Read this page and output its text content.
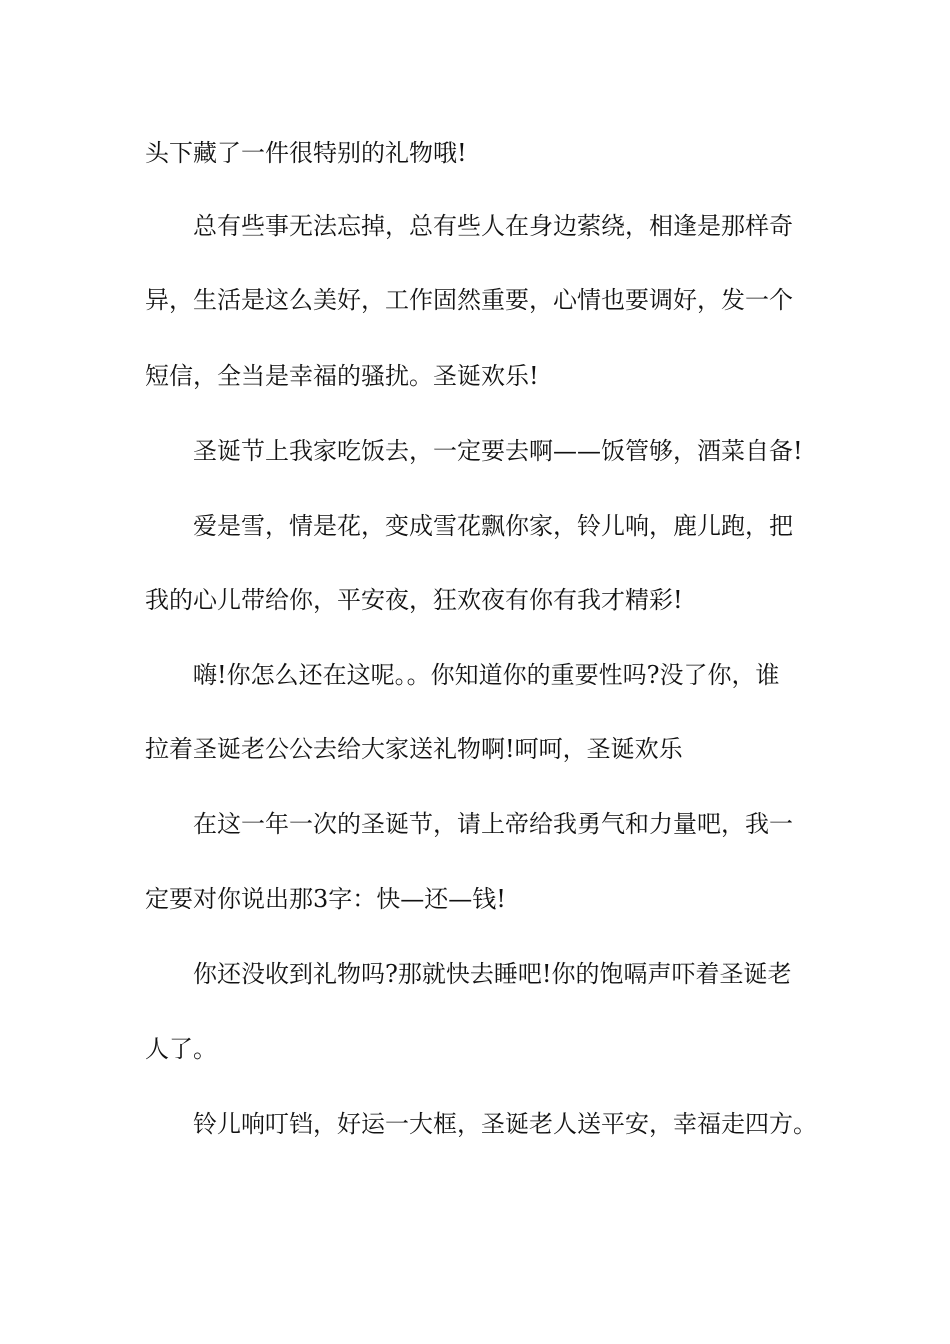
头下藏了一件很特别的礼物哦!
总有些事无法忘掉，总有些人在身边萦绕，相逢是那样奇
异，生活是这么美好，工作固然重要，心情也要调好，发一个
短信，全当是幸福的骚扰。圣诞欢乐!
圣诞节上我家吃饭去，一定要去啊——饭管够，酒菜自备!
爱是雪，情是花，变成雪花飘你家，铃儿响，鹿儿跑，把
我的心儿带给你，平安夜，狂欢夜有你有我才精彩!
嗨!你怎么还在这呢。。你知道你的重要性吗?没了你，谁
拉着圣诞老公公去给大家送礼物啊!呵呵，圣诞欢乐
在这一年一次的圣诞节，请上帝给我勇气和力量吧，我一
定要对你说出那3字：快—还—钱!
你还没收到礼物吗?那就快去睡吧!你的饱嗝声吓着圣诞老
人了。
铃儿响叮铛，好运一大框，圣诞老人送平安，幸福走四方。
